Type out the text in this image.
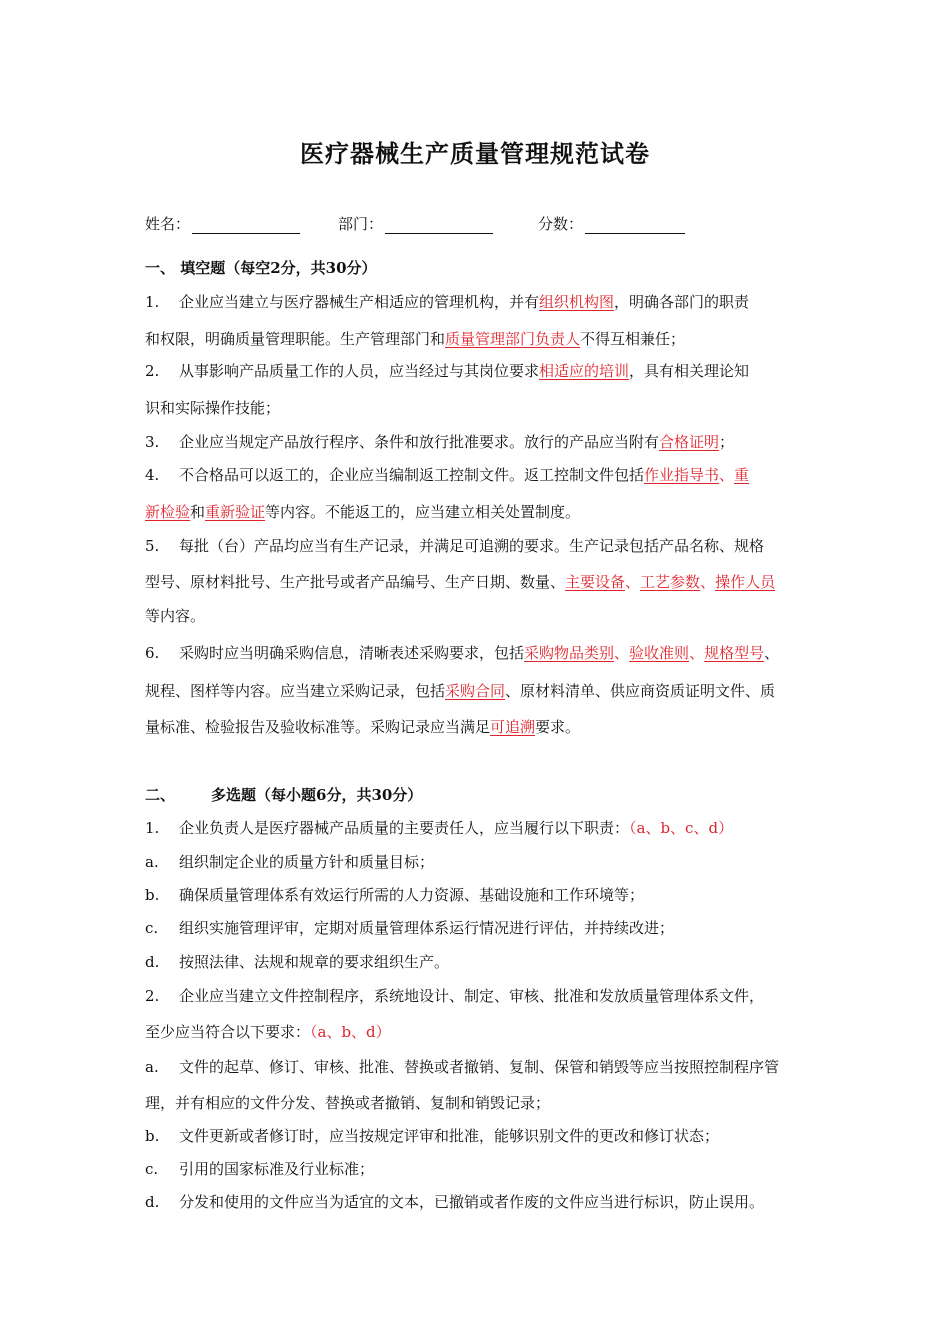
医疗器械生产质量管理规范试卷
姓名：	部门：	分数：
一、 填空题（每空2分，共30分）
1. 企业应当建立与医疗器械生产相适应的管理机构，并有组织机构图，明确各部门的职责
和权限，明确质量管理职能。生产管理部门和质量管理部门负责人不得互相兼任；
2. 从事影响产品质量工作的人员，应当经过与其岗位要求相适应的培训，具有相关理论知
识和实际操作技能；
3. 企业应当规定产品放行程序、条件和放行批准要求。放行的产品应当附有合格证明；
4. 不合格品可以返工的，企业应当编制返工控制文件。返工控制文件包括作业指导书、重
新检验和重新验证等内容。不能返工的，应当建立相关处置制度。
5. 每批（台）产品均应当有生产记录，并满足可追溯的要求。生产记录包括产品名称、规格
型号、原材料批号、生产批号或者产品编号、生产日期、数量、主要设备、工艺参数、操作人员
等内容。
6. 采购时应当明确采购信息，清晰表述采购要求，包括采购物品类别、验收准则、规格型号、
规程、图样等内容。应当建立采购记录，包括采购合同、原材料清单、供应商资质证明文件、质
量标准、检验报告及验收标准等。采购记录应当满足可追溯要求。
二、 多选题（每小题6分，共30分）
1. 企业负责人是医疗器械产品质量的主要责任人，应当履行以下职责：（a、b、c、d）
a. 组织制定企业的质量方针和质量目标；
b. 确保质量管理体系有效运行所需的人力资源、基础设施和工作环境等；
c. 组织实施管理评审，定期对质量管理体系运行情况进行评估，并持续改进；
d. 按照法律、法规和规章的要求组织生产。
2. 企业应当建立文件控制程序，系统地设计、制定、审核、批准和发放质量管理体系文件，
至少应当符合以下要求：（a、b、d）
a. 文件的起草、修订、审核、批准、替换或者撤销、复制、保管和销毁等应当按照控制程序管
理，并有相应的文件分发、替换或者撤销、复制和销毁记录；
b. 文件更新或者修订时，应当按规定评审和批准，能够识别文件的更改和修订状态；
c. 引用的国家标准及行业标准；
d. 分发和使用的文件应当为适宜的文本，已撤销或者作废的文件应当进行标识，防止误用。
